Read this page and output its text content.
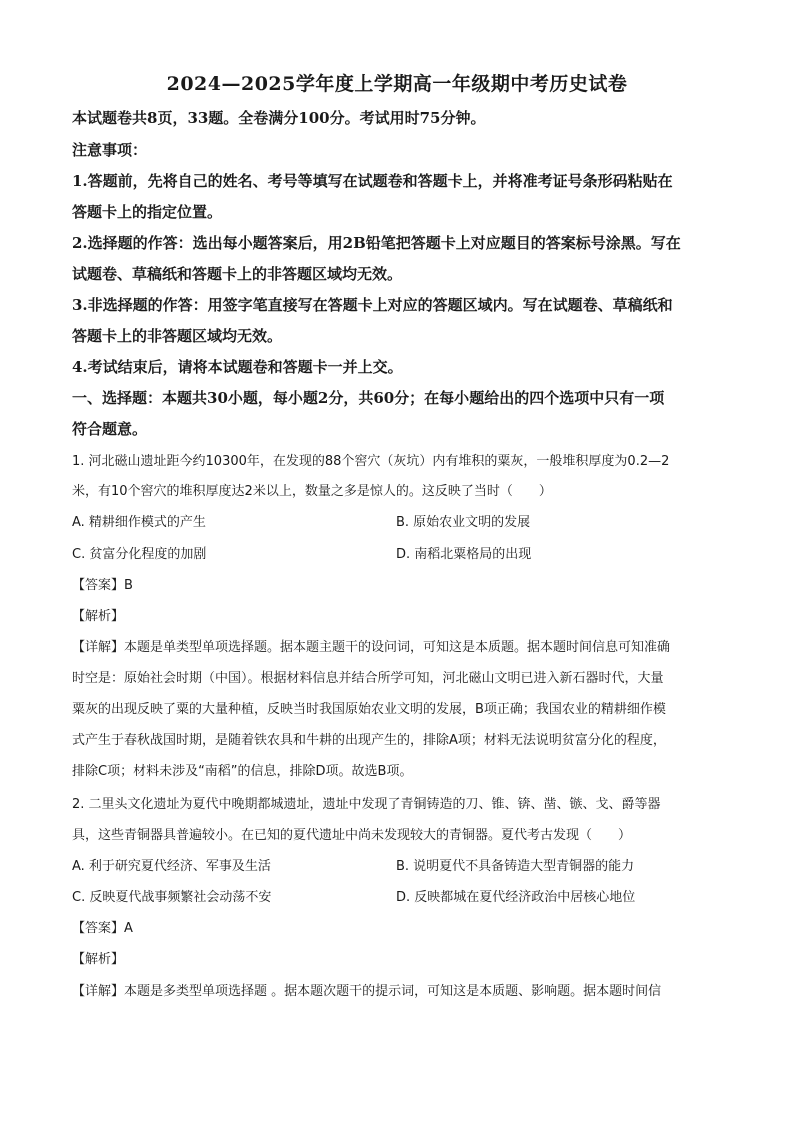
2024—2025学年度上学期高一年级期中考历史试卷
本试题卷共8页，33题。全卷满分100分。考试用时75分钟。
注意事项：
1.答题前，先将自己的姓名、考号等填写在试题卷和答题卡上，并将准考证号条形码粘贴在
答题卡上的指定位置。
2.选择题的作答：选出每小题答案后，用2B铅笔把答题卡上对应题目的答案标号涂黑。写在
试题卷、草稿纸和答题卡上的非答题区域均无效。
3.非选择题的作答：用签字笔直接写在答题卡上对应的答题区域内。写在试题卷、草稿纸和
答题卡上的非答题区域均无效。
4.考试结束后，请将本试题卷和答题卡一并上交。
一、选择题：本题共30小题，每小题2分，共60分；在每小题给出的四个选项中只有一项
符合题意。
1. 河北磁山遗址距今约10300年，在发现的88个窖穴（灰坑）内有堆积的粟灰，一般堆积厚度为0.2—2
米，有10个窖穴的堆积厚度达2米以上，数量之多是惊人的。这反映了当时（　　）
A. 精耕细作模式的产生	B. 原始农业文明的发展
C. 贫富分化程度的加剧	D. 南稻北粟格局的出现
【答案】B
【解析】
【详解】本题是单类型单项选择题。据本题主题干的设问词，可知这是本质题。据本题时间信息可知准确
时空是：原始社会时期（中国）。根据材料信息并结合所学可知，河北磁山文明已进入新石器时代，大量
粟灰的出现反映了粟的大量种植，反映当时我国原始农业文明的发展，B项正确；我国农业的精耕细作模
式产生于春秋战国时期，是随着铁农具和牛耕的出现产生的，排除A项；材料无法说明贫富分化的程度，
排除C项；材料未涉及“南稻”的信息，排除D项。故选B项。
2. 二里头文化遗址为夏代中晚期都城遗址，遗址中发现了青铜铸造的刀、锥、锛、凿、镞、戈、爵等器
具，这些青铜器具普遍较小。在已知的夏代遗址中尚未发现较大的青铜器。夏代考古发现（　　）
A. 利于研究夏代经济、军事及生活	B. 说明夏代不具备铸造大型青铜器的能力
C. 反映夏代战事频繁社会动荡不安	D. 反映都城在夏代经济政治中居核心地位
【答案】A
【解析】
【详解】本题是多类型单项选择题 。据本题次题干的提示词，可知这是本质题、影响题。据本题时间信
